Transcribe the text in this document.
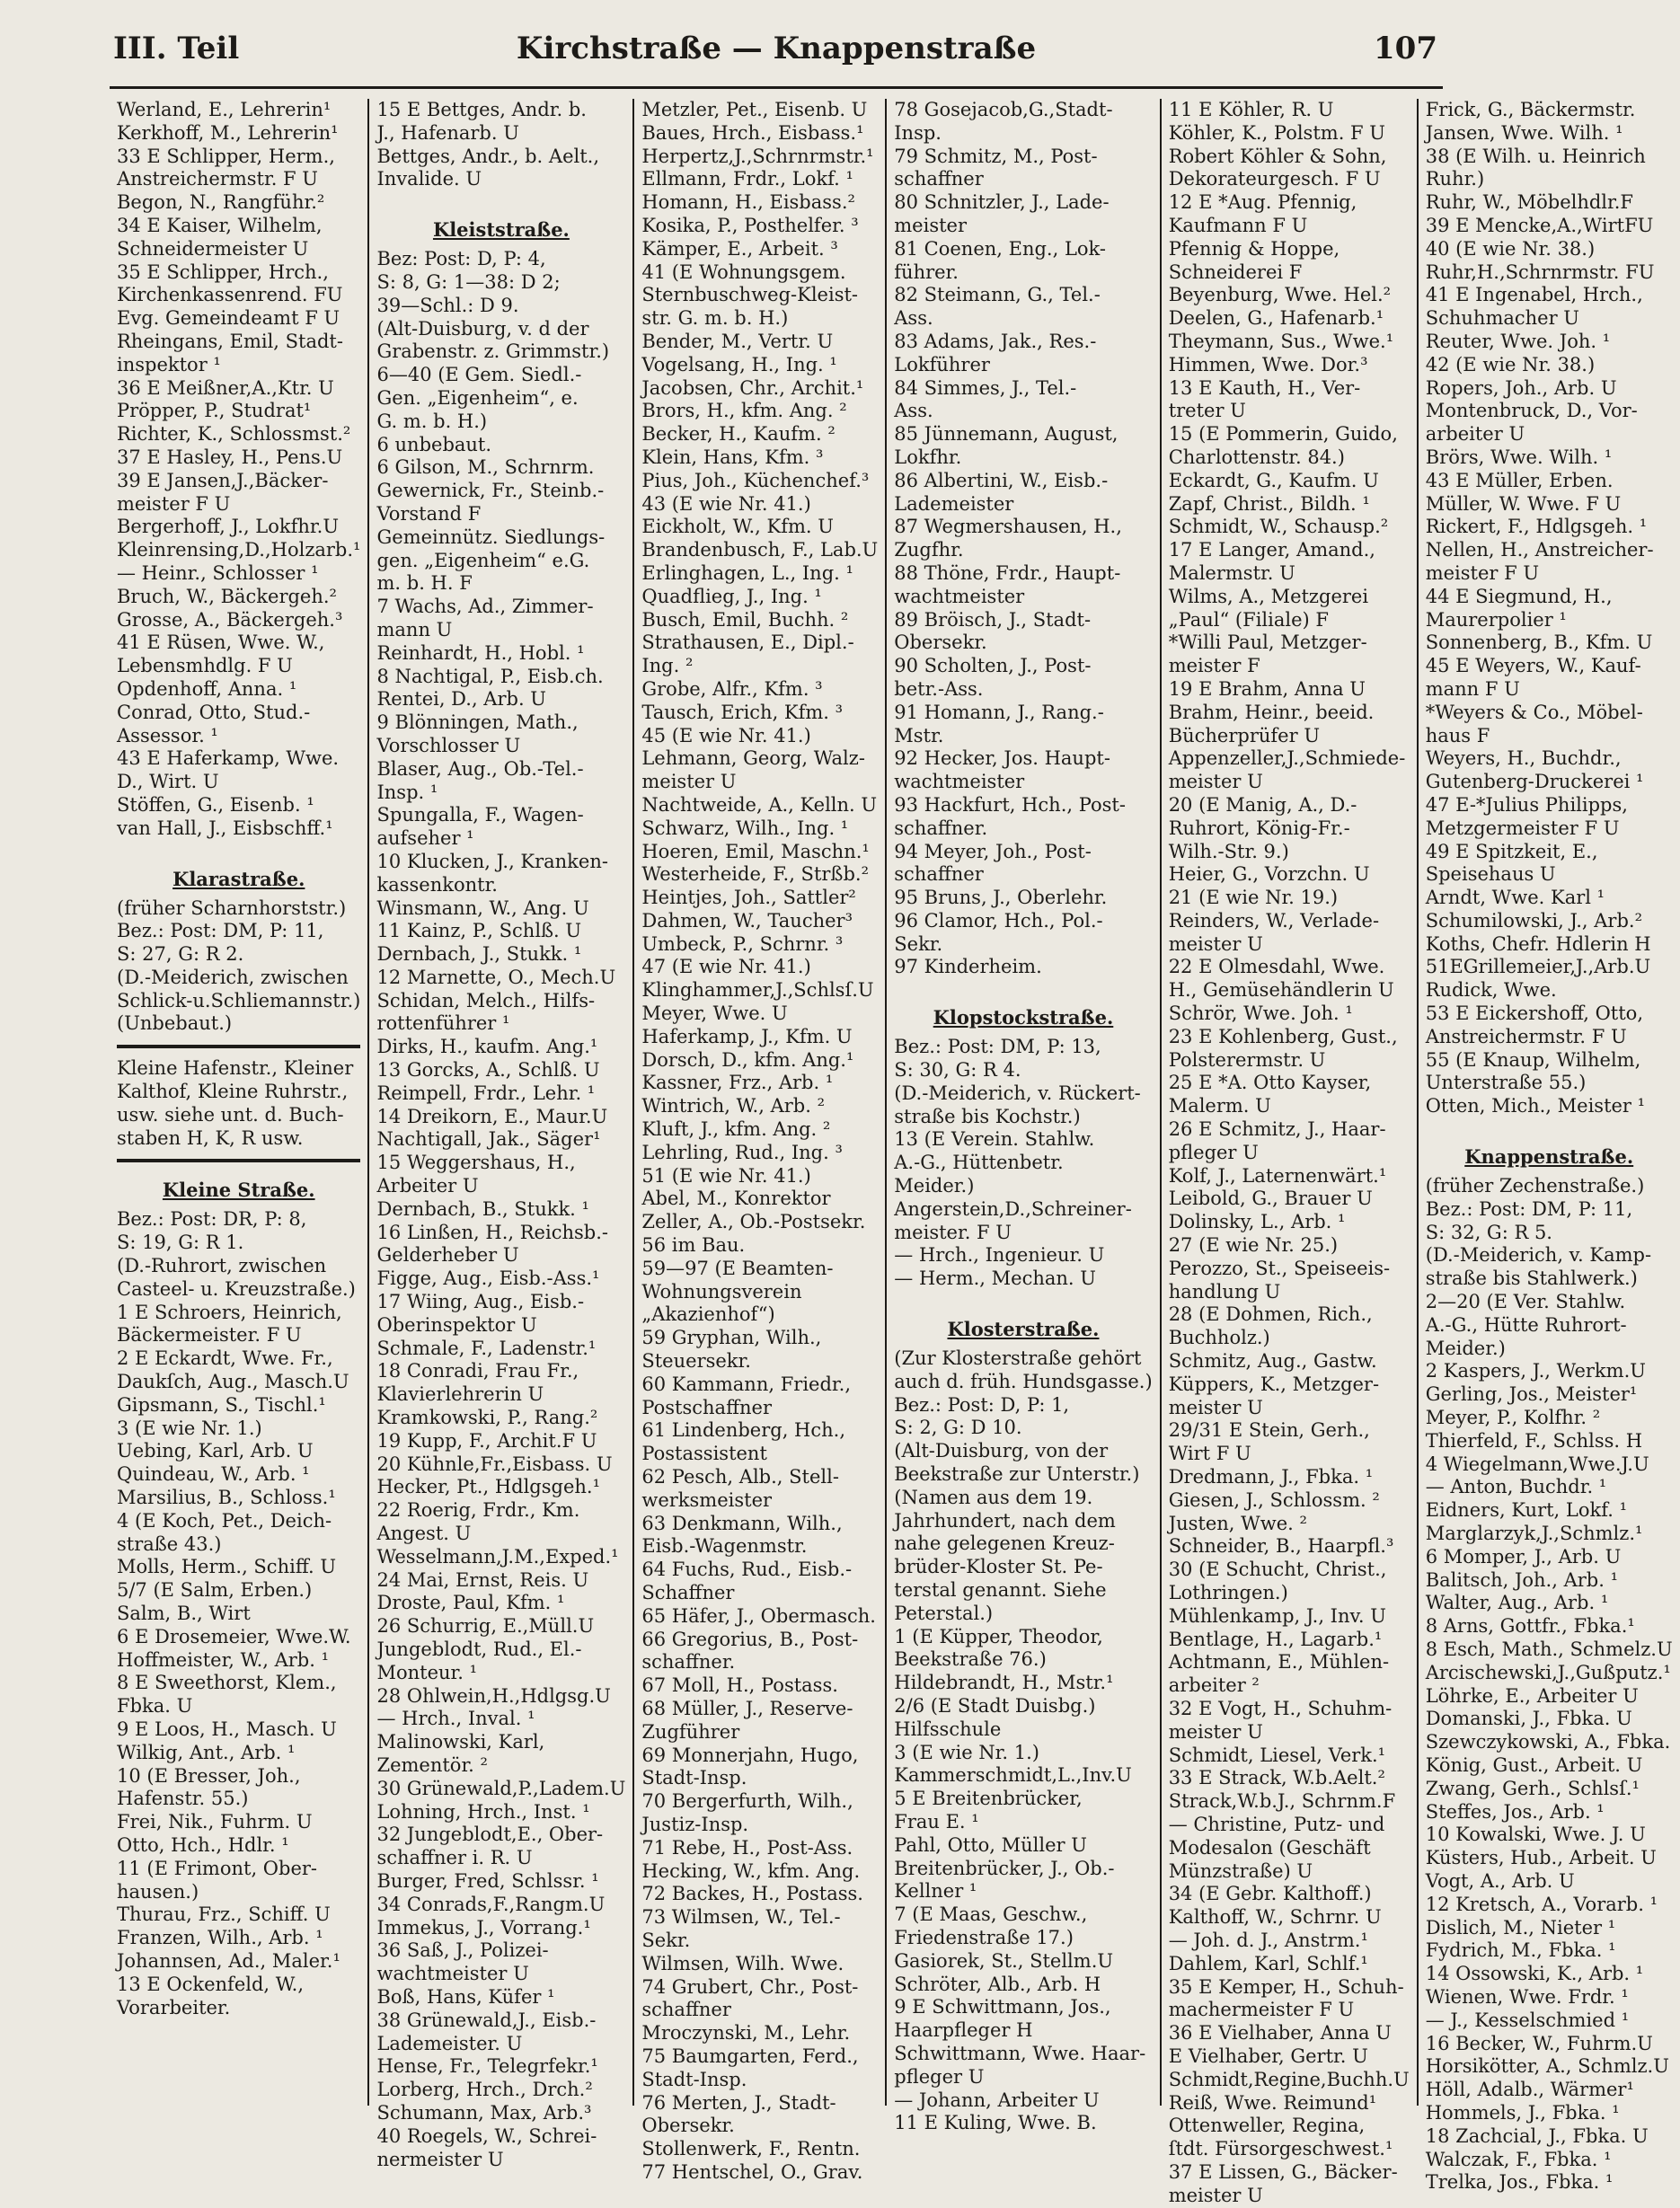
III. Teil	Kirchstraße — Knappenstraße	107
Werland, E., Lehrerin¹
Kerkhoff, M., Lehrerin¹
33 E Schlipper, Herm.,
Anstreichermstr. F U
Begon, N., Rangführ.²
34 E Kaiser, Wilhelm,
Schneidermeister U
35 E Schlipper, Hrch.,
Kirchenkassenrend. FU
Evg. Gemeindeamt F U
Rheingans, Emil, Stadt-
inspektor ¹
36 E Meißner,A.,Ktr. U
Pröpper, P., Studrat¹
Richter, K., Schlossmst.²
37 E Hasley, H., Pens.U
39 E Jansen,J.,Bäcker-
meister F U
Bergerhoff, J., Lokfhr.U
Kleinrensing,D.,Holzarb.¹
— Heinr., Schlosser ¹
Bruch, W., Bäckergeh.²
Grosse, A., Bäckergeh.³
41 E Rüsen, Wwe. W.,
Lebensmhdlg. F U
Opdenhoff, Anna. ¹
Conrad, Otto, Stud.-
Assessor. ¹
43 E Haferkamp, Wwe.
D., Wirt. U
Stöffen, G., Eisenb. ¹
van Hall, J., Eisbschff.¹
Klarastraße.
(früher Scharnhorststr.)
Bez.: Post: DM, P: 11,
S: 27, G: R 2.
(D.-Meiderich, zwischen
Schlick-u.Schliemannstr.)
(Unbebaut.)
Kleine Hafenstr., Kleiner
Kalthof, Kleine Ruhrstr.,
usw. siehe unt. d. Buch-
staben H, K, R usw.
Kleine Straße.
Bez.: Post: DR, P: 8,
S: 19, G: R 1.
(D.-Ruhrort, zwischen
Casteel- u. Kreuzstraße.)
1 E Schroers, Heinrich,
Bäckermeister. F U
2 E Eckardt, Wwe. Fr.,
Daukſch, Aug., Masch.U
Gipsmann, S., Tischl.¹
3 (E wie Nr. 1.)
Uebing, Karl, Arb. U
Quindeau, W., Arb. ¹
Marsilius, B., Schloss.¹
4 (E Koch, Pet., Deich-
straße 43.)
Molls, Herm., Schiff. U
5/7 (E Salm, Erben.)
Salm, B., Wirt
6 E Drosemeier, Wwe.W.
Hoffmeister, W., Arb. ¹
8 E Sweethorst, Klem.,
Fbka. U
9 E Loos, H., Masch. U
Wilkig, Ant., Arb. ¹
10 (E Bresser, Joh.,
Hafenstr. 55.)
Frei, Nik., Fuhrm. U
Otto, Hch., Hdlr. ¹
11 (E Frimont, Ober-
hausen.)
Thurau, Frz., Schiff. U
Franzen, Wilh., Arb. ¹
Johannsen, Ad., Maler.¹
13 E Ockenfeld, W.,
Vorarbeiter.
15 E Bettges, Andr. b.
J., Hafenarb. U
Bettges, Andr., b. Aelt.,
Invalide. U
Kleiststraße.
Bez: Post: D, P: 4,
S: 8, G: 1—38: D 2;
39—Schl.: D 9.
(Alt-Duisburg, v. d der
Grabenstr. z. Grimmstr.)
6—40 (E Gem. Siedl.-
Gen. „Eigenheim“, e.
G. m. b. H.)
6 unbebaut.
6 Gilson, M., Schrnrm.
Gewernick, Fr., Steinb.-
Vorstand F
Gemeinnütz. Siedlungs-
gen. „Eigenheim“ e.G.
m. b. H. F
7 Wachs, Ad., Zimmer-
mann U
Reinhardt, H., Hobl. ¹
8 Nachtigal, P., Eisb.ch.
Rentei, D., Arb. U
9 Blönningen, Math.,
Vorschlosser U
Blaser, Aug., Ob.-Tel.-
Insp. ¹
Spungalla, F., Wagen-
aufseher ¹
10 Klucken, J., Kranken-
kassenkontr.
Winsmann, W., Ang. U
11 Kainz, P., Schlß. U
Dernbach, J., Stukk. ¹
12 Marnette, O., Mech.U
Schidan, Melch., Hilfs-
rottenführer ¹
Dirks, H., kaufm. Ang.¹
13 Gorcks, A., Schlß. U
Reimpell, Frdr., Lehr. ¹
14 Dreikorn, E., Maur.U
Nachtigall, Jak., Säger¹
15 Weggershaus, H.,
Arbeiter U
Dernbach, B., Stukk. ¹
16 Linßen, H., Reichsb.-
Gelderheber U
Figge, Aug., Eisb.-Ass.¹
17 Wiing, Aug., Eisb.-
Oberinspektor U
Schmale, F., Ladenstr.¹
18 Conradi, Frau Fr.,
Klavierlehrerin U
Kramkowski, P., Rang.²
19 Kupp, F., Archit.F U
20 Kühnle,Fr.,Eisbass. U
Hecker, Pt., Hdlgsgeh.¹
22 Roerig, Frdr., Km.
Angest. U
Wesselmann,J.M.,Exped.¹
24 Mai, Ernst, Reis. U
Droste, Paul, Kfm. ¹
26 Schurrig, E.,Müll.U
Jungeblodt, Rud., El.-
Monteur. ¹
28 Ohlwein,H.,Hdlgsg.U
— Hrch., Inval. ¹
Malinowski, Karl,
Zementör. ²
30 Grünewald,P.,Ladem.U
Lohning, Hrch., Inst. ¹
32 Jungeblodt,E., Ober-
schaffner i. R. U
Burger, Fred, Schlssr. ¹
34 Conrads,F.,Rangm.U
Immekus, J., Vorrang.¹
36 Saß, J., Polizei-
wachtmeister U
Boß, Hans, Küfer ¹
38 Grünewald,J., Eisb.-
Lademeister. U
Hense, Fr., Telegrfekr.¹
Lorberg, Hrch., Drch.²
Schumann, Max, Arb.³
40 Roegels, W., Schrei-
nermeister U
Metzler, Pet., Eisenb. U
Baues, Hrch., Eisbass.¹
Herpertz,J.,Schrnrmstr.¹
Ellmann, Frdr., Lokf. ¹
Homann, H., Eisbass.²
Kosika, P., Posthelfer. ³
Kämper, E., Arbeit. ³
41 (E Wohnungsgem.
Sternbuschweg-Kleist-
str. G. m. b. H.)
Bender, M., Vertr. U
Vogelsang, H., Ing. ¹
Jacobsen, Chr., Archit.¹
Brors, H., kfm. Ang. ²
Becker, H., Kaufm. ²
Klein, Hans, Kfm. ³
Pius, Joh., Küchenchef.³
43 (E wie Nr. 41.)
Eickholt, W., Kfm. U
Brandenbusch, F., Lab.U
Erlinghagen, L., Ing. ¹
Quadflieg, J., Ing. ¹
Busch, Emil, Buchh. ²
Strathausen, E., Dipl.-
Ing. ²
Grobe, Alfr., Kfm. ³
Tausch, Erich, Kfm. ³
45 (E wie Nr. 41.)
Lehmann, Georg, Walz-
meister U
Nachtweide, A., Kelln. U
Schwarz, Wilh., Ing. ¹
Hoeren, Emil, Maschn.¹
Westerheide, F., Strßb.²
Heintjes, Joh., Sattler²
Dahmen, W., Taucher³
Umbeck, P., Schrnr. ³
47 (E wie Nr. 41.)
Klinghammer,J.,Schlsſ.U
Meyer, Wwe. U
Haferkamp, J., Kfm. U
Dorsch, D., kfm. Ang.¹
Kassner, Frz., Arb. ¹
Wintrich, W., Arb. ²
Kluft, J., kfm. Ang. ²
Lehrling, Rud., Ing. ³
51 (E wie Nr. 41.)
Abel, M., Konrektor
Zeller, A., Ob.-Postsekr.
56 im Bau.
59—97 (E Beamten-
Wohnungsverein
„Akazienhof“)
59 Gryphan, Wilh.,
Steuersekr.
60 Kammann, Friedr.,
Postschaffner
61 Lindenberg, Hch.,
Postassistent
62 Pesch, Alb., Stell-
werksmeister
63 Denkmann, Wilh.,
Eisb.-Wagenmstr.
64 Fuchs, Rud., Eisb.-
Schaffner
65 Häfer, J., Obermasch.
66 Gregorius, B., Post-
schaffner.
67 Moll, H., Postass.
68 Müller, J., Reserve-
Zugführer
69 Monnerjahn, Hugo,
Stadt-Insp.
70 Bergerfurth, Wilh.,
Justiz-Insp.
71 Rebe, H., Post-Ass.
Hecking, W., kfm. Ang.
72 Backes, H., Postass.
73 Wilmsen, W., Tel.-
Sekr.
Wilmsen, Wilh. Wwe.
74 Grubert, Chr., Post-
schaffner
Mroczynski, M., Lehr.
75 Baumgarten, Ferd.,
Stadt-Insp.
76 Merten, J., Stadt-
Obersekr.
Stollenwerk, F., Rentn.
77 Hentschel, O., Grav.
78 Gosejacob,G.,Stadt-
Insp.
79 Schmitz, M., Post-
schaffner
80 Schnitzler, J., Lade-
meister
81 Coenen, Eng., Lok-
führer.
82 Steimann, G., Tel.-
Ass.
83 Adams, Jak., Res.-
Lokführer
84 Simmes, J., Tel.-
Ass.
85 Jünnemann, August,
Lokfhr.
86 Albertini, W., Eisb.-
Lademeister
87 Wegmershausen, H.,
Zugfhr.
88 Thöne, Frdr., Haupt-
wachtmeister
89 Bröisch, J., Stadt-
Obersekr.
90 Scholten, J., Post-
betr.-Ass.
91 Homann, J., Rang.-
Mstr.
92 Hecker, Jos. Haupt-
wachtmeister
93 Hackfurt, Hch., Post-
schaffner.
94 Meyer, Joh., Post-
schaffner
95 Bruns, J., Oberlehr.
96 Clamor, Hch., Pol.-
Sekr.
97 Kinderheim.
Klopstockstraße.
Bez.: Post: DM, P: 13,
S: 30, G: R 4.
(D.-Meiderich, v. Rückert-
straße bis Kochstr.)
13 (E Verein. Stahlw.
A.-G., Hüttenbetr.
Meider.)
Angerstein,D.,Schreiner-
meister. F U
— Hrch., Ingenieur. U
— Herm., Mechan. U
Klosterstraße.
(Zur Klosterstraße gehört
auch d. früh. Hundsgasse.)
Bez.: Post: D, P: 1,
S: 2, G: D 10.
(Alt-Duisburg, von der
Beekstraße zur Unterstr.)
(Namen aus dem 19.
Jahrhundert, nach dem
nahe gelegenen Kreuz-
brüder-Kloster St. Pe-
terstal genannt. Siehe
Peterstal.)
1 (E Küpper, Theodor,
Beekstraße 76.)
Hildebrandt, H., Mstr.¹
2/6 (E Stadt Duisbg.)
Hilfsschule
3 (E wie Nr. 1.)
Kammerschmidt,L.,Inv.U
5 E Breitenbrücker,
Frau E. ¹
Pahl, Otto, Müller U
Breitenbrücker, J., Ob.-
Kellner ¹
7 (E Maas, Geschw.,
Friedenstraße 17.)
Gasiorek, St., Stellm.U
Schröter, Alb., Arb. H
9 E Schwittmann, Jos.,
Haarpfleger H
Schwittmann, Wwe. Haar-
pfleger U
— Johann, Arbeiter U
11 E Kuling, Wwe. B.
11 E Köhler, R. U
Köhler, K., Polstm. F U
Robert Köhler & Sohn,
Dekorateurgesch. F U
12 E *Aug. Pfennig,
Kaufmann F U
Pfennig & Hoppe,
Schneiderei F
Beyenburg, Wwe. Hel.²
Deelen, G., Hafenarb.¹
Theymann, Sus., Wwe.¹
Himmen, Wwe. Dor.³
13 E Kauth, H., Ver-
treter U
15 (E Pommerin, Guido,
Charlottenstr. 84.)
Eckardt, G., Kaufm. U
Zapf, Christ., Bildh. ¹
Schmidt, W., Schausp.²
17 E Langer, Amand.,
Malermstr. U
Wilms, A., Metzgerei
„Paul“ (Filiale) F
*Willi Paul, Metzger-
meister F
19 E Brahm, Anna U
Brahm, Heinr., beeid.
Bücherprüfer U
Appenzeller,J.,Schmiede-
meister U
20 (E Manig, A., D.-
Ruhrort, König-Fr.-
Wilh.-Str. 9.)
Heier, G., Vorzchn. U
21 (E wie Nr. 19.)
Reinders, W., Verlade-
meister U
22 E Olmesdahl, Wwe.
H., Gemüsehändlerin U
Schrör, Wwe. Joh. ¹
23 E Kohlenberg, Gust.,
Polsterermstr. U
25 E *A. Otto Kayser,
Malerm. U
26 E Schmitz, J., Haar-
pfleger U
Kolf, J., Laternenwärt.¹
Leibold, G., Brauer U
Dolinsky, L., Arb. ¹
27 (E wie Nr. 25.)
Perozzo, St., Speiseeis-
handlung U
28 (E Dohmen, Rich.,
Buchholz.)
Schmitz, Aug., Gastw.
Küppers, K., Metzger-
meister U
29/31 E Stein, Gerh.,
Wirt F U
Dredmann, J., Fbka. ¹
Giesen, J., Schlossm. ²
Justen, Wwe. ²
Schneider, B., Haarpfl.³
30 (E Schucht, Christ.,
Lothringen.)
Mühlenkamp, J., Inv. U
Bentlage, H., Lagarb.¹
Achtmann, E., Mühlen-
arbeiter ²
32 E Vogt, H., Schuhm-
meister U
Schmidt, Liesel, Verk.¹
33 E Strack, W.b.Aelt.²
Strack,W.b.J., Schrnm.F
— Christine, Putz- und
Modesalon (Geschäft
Münzstraße) U
34 (E Gebr. Kalthoff.)
Kalthoff, W., Schrnr. U
— Joh. d. J., Anstrm.¹
Dahlem, Karl, Schlf.¹
35 E Kemper, H., Schuh-
machermeister F U
36 E Vielhaber, Anna U
E Vielhaber, Gertr. U
Schmidt,Regine,Buchh.U
Reiß, Wwe. Reimund¹
Ottenweller, Regina,
ſtdt. Fürsorgeschwest.¹
37 E Lissen, G., Bäcker-
meister U
Frick, G., Bäckermstr.
Jansen, Wwe. Wilh. ¹
38 (E Wilh. u. Heinrich
Ruhr.)
Ruhr, W., Möbelhdlr.F
39 E Mencke,A.,WirtFU
40 (E wie Nr. 38.)
Ruhr,H.,Schrnrmstr. FU
41 E Ingenabel, Hrch.,
Schuhmacher U
Reuter, Wwe. Joh. ¹
42 (E wie Nr. 38.)
Ropers, Joh., Arb. U
Montenbruck, D., Vor-
arbeiter U
Brörs, Wwe. Wilh. ¹
43 E Müller, Erben.
Müller, W. Wwe. F U
Rickert, F., Hdlgsgeh. ¹
Nellen, H., Anstreicher-
meister F U
44 E Siegmund, H.,
Maurerpolier ¹
Sonnenberg, B., Kfm. U
45 E Weyers, W., Kauf-
mann F U
*Weyers & Co., Möbel-
haus F
Weyers, H., Buchdr.,
Gutenberg-Druckerei ¹
47 E-*Julius Philipps,
Metzgermeister F U
49 E Spitzkeit, E.,
Speisehaus U
Arndt, Wwe. Karl ¹
Schumilowski, J., Arb.²
Koths, Chefr. Hdlerin H
51EGrillemeier,J.,Arb.U
Rudick, Wwe.
53 E Eickershoff, Otto,
Anstreichermstr. F U
55 (E Knaup, Wilhelm,
Unterstraße 55.)
Otten, Mich., Meister ¹
Knappenstraße.
(früher Zechenstraße.)
Bez.: Post: DM, P: 11,
S: 32, G: R 5.
(D.-Meiderich, v. Kamp-
straße bis Stahlwerk.)
2—20 (E Ver. Stahlw.
A.-G., Hütte Ruhrort-
Meider.)
2 Kaspers, J., Werkm.U
Gerling, Jos., Meister¹
Meyer, P., Kolfhr. ²
Thierfeld, F., Schlss. H
4 Wiegelmann,Wwe.J.U
— Anton, Buchdr. ¹
Eidners, Kurt, Lokf. ¹
Marglarzyk,J.,Schmlz.¹
6 Momper, J., Arb. U
Balitsch, Joh., Arb. ¹
Walter, Aug., Arb. ¹
8 Arns, Gottfr., Fbka.¹
8 Esch, Math., Schmelz.U
Arcischewski,J.,Gußputz.¹
Löhrke, E., Arbeiter U
Domanski, J., Fbka. U
Szewczykowski, A., Fbka.
König, Gust., Arbeit. U
Zwang, Gerh., Schlsſ.¹
Steffes, Jos., Arb. ¹
10 Kowalski, Wwe. J. U
Küsters, Hub., Arbeit. U
Vogt, A., Arb. U
12 Kretsch, A., Vorarb. ¹
Dislich, M., Nieter ¹
Fydrich, M., Fbka. ¹
14 Ossowski, K., Arb. ¹
Wienen, Wwe. Frdr. ¹
— J., Kesselschmied ¹
16 Becker, W., Fuhrm.U
Horsikötter, A., Schmlz.U
Höll, Adalb., Wärmer¹
Hommels, J., Fbka. ¹
18 Zachcial, J., Fbka. U
Walczak, F., Fbka. ¹
Trelka, Jos., Fbka. ¹
